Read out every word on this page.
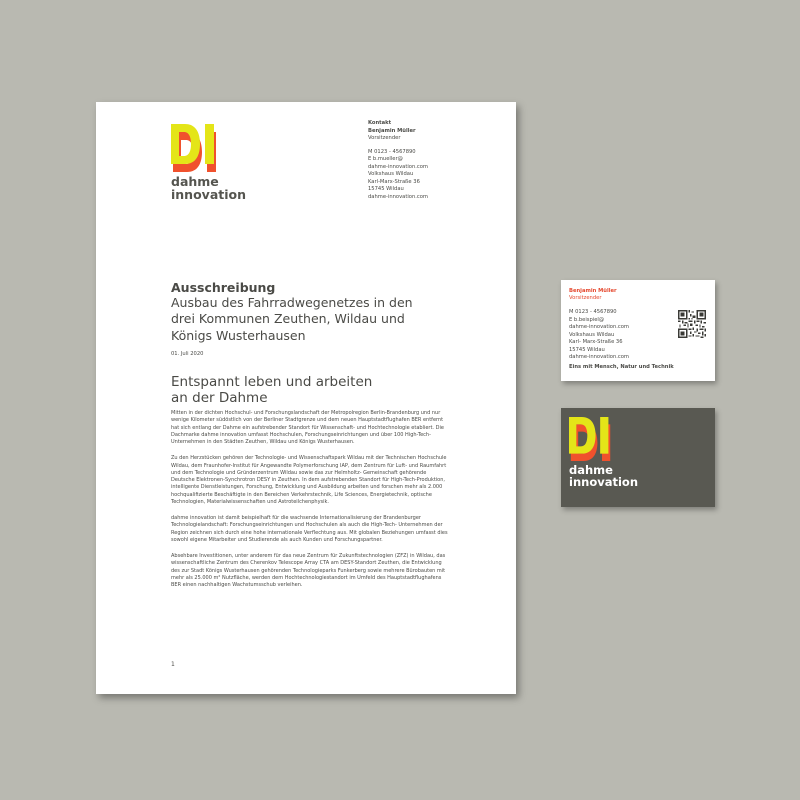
dahme
innovation
Kontakt
Benjamin Müller
Vorsitzender
M 0123 - 4567890
E b.mueller@
dahme-innovation.com
Volkshaus Wildau
Karl-Marx-Straße 36
15745 Wildau
dahme-innovation.com
Ausschreibung
Ausbau des Fahrradwegenetzes in den
drei Kommunen Zeuthen, Wildau und
Königs Wusterhausen
01. Juli 2020
Entspannt leben und arbeiten
an der Dahme

Mitten in der dichten Hochschul- und Forschungslandschaft der Metropolregion Berlin-Brandenburg und nur wenige Kilometer südöstlich von der Berliner Stadtgrenze und dem neuen Hauptstadtflughafen BER entfernt hat sich entlang der Dahme ein aufstrebender Standort für Wissenschaft- und Hochtechnologie etabliert. Die Dachmarke dahme innovation umfasst Hochschulen, Forschungseinrichtungen und über 100 High-Tech- Unternehmen in den Städten Zeuthen, Wildau und Königs Wusterhausen.

Zu den Herzstücken gehören der Technologie- und Wissenschaftspark Wildau mit der Technischen Hochschule Wildau, dem Fraunhofer-Institut für Angewandte Polymerforschung IAP, dem Zentrum für Luft- und Raumfahrt und dem Technologie und Gründerzentrum Wildau sowie das zur Helmholtz- Gemeinschaft gehörende Deutsche Elektronen-Synchrotron DESY in Zeuthen. In dem aufstrebenden Standort für High-Tech-Produktion, intelligente Dienstleistungen, Forschung, Entwicklung und Ausbildung arbeiten und forschen mehr als 2.000 hochqualifizierte Beschäftigte in den Bereichen Verkehrstechnik, Life Sciences, Energietechnik, optische Technologien, Materialwissenschaften und Astroteilchenphysik.

dahme innovation ist damit beispielhaft für die wachsende Internationalisierung der Brandenburger Technologielandschaft: Forschungseinrichtungen und Hochschulen als auch die High-Tech- Unternehmen der Region zeichnen sich durch eine hohe internationale Verflechtung aus. Mit globalen Beziehungen umfasst dies sowohl eigene Mitarbeiter und Studierende als auch Kunden und Forschungspartner.

Absehbare Investitionen, unter anderem für das neue Zentrum für Zukunftstechnologien (ZFZ) in Wildau, das wissenschaftliche Zentrum des Cherenkov Telescope Array CTA am DESY-Standort Zeuthen, die Entwicklung des zur Stadt Königs Wusterhausen gehörenden Technologieparks Funkerberg sowie mehrere Bürobauten mit mehr als 25.000 m² Nutzfläche, werden dem Hochtechnologiestandort im Umfeld des Hauptstadtflughafens BER einen nachhaltigen Wachstumsschub verleihen.

1
Benjamin Müller
Vorsitzender
M 0123 - 4567890
E b.beispiel@
dahme-innovation.com
Volkshaus Wildau
Karl- Marx-Straße 36
15745 Wildau
dahme-innovation.com
Eins mit Mensch, Natur und Technik
dahme
innovation
